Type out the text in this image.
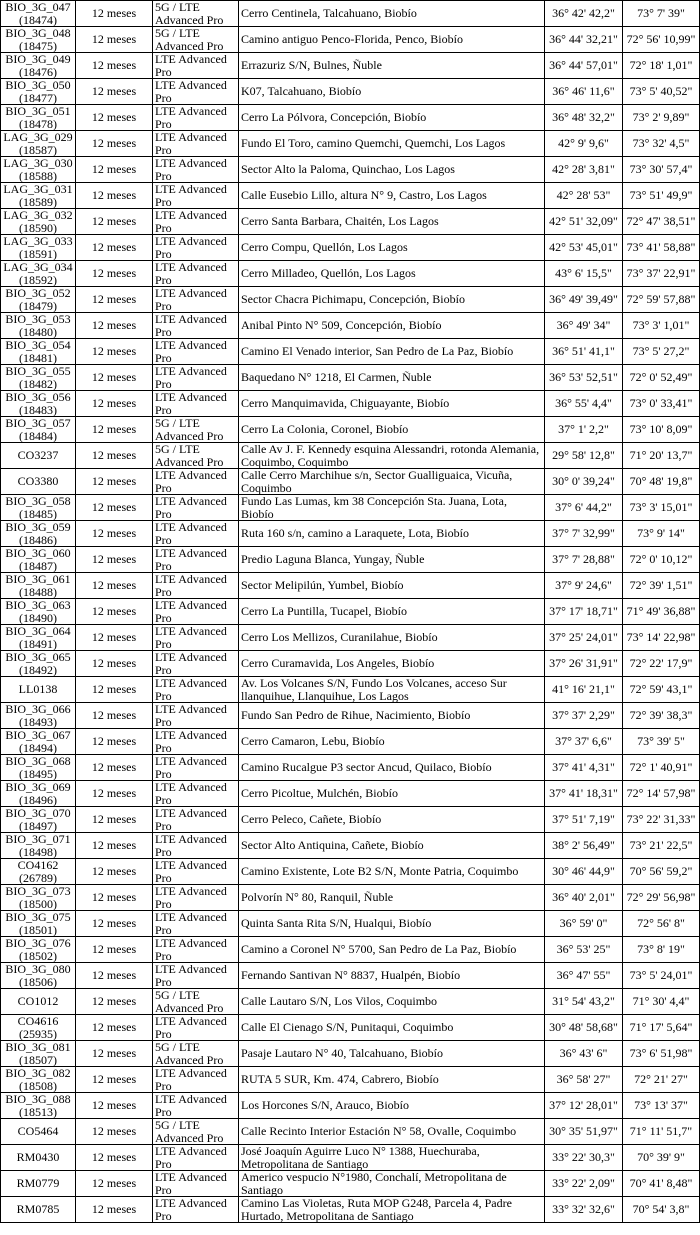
BIO_3G_047 (18474)	12 meses	5G / LTE Advanced Pro	Cerro Centinela, Talcahuano, Biobío	36° 42' 42,2"	73° 7' 39"
BIO_3G_048 (18475)	12 meses	5G / LTE Advanced Pro	Camino antiguo Penco-Florida, Penco, Biobío	36° 44' 32,21"	72° 56' 10,99"
BIO_3G_049 (18476)	12 meses	LTE Advanced Pro	Errazuriz S/N, Bulnes, Ñuble	36° 44' 57,01"	72° 18' 1,01"
BIO_3G_050 (18477)	12 meses	LTE Advanced Pro	K07, Talcahuano, Biobío	36° 46' 11,6"	73° 5' 40,52"
BIO_3G_051 (18478)	12 meses	LTE Advanced Pro	Cerro La Pólvora, Concepción, Biobío	36° 48' 32,2"	73° 2' 9,89"
LAG_3G_029 (18587)	12 meses	LTE Advanced Pro	Fundo El Toro, camino Quemchi, Quemchi, Los Lagos	42° 9' 9,6"	73° 32' 4,5"
LAG_3G_030 (18588)	12 meses	LTE Advanced Pro	Sector Alto la Paloma, Quinchao, Los Lagos	42° 28' 3,81"	73° 30' 57,4"
LAG_3G_031 (18589)	12 meses	LTE Advanced Pro	Calle Eusebio Lillo, altura N° 9, Castro, Los Lagos	42° 28' 53"	73° 51' 49,9"
LAG_3G_032 (18590)	12 meses	LTE Advanced Pro	Cerro Santa Barbara, Chaitén, Los Lagos	42° 51' 32,09"	72° 47' 38,51"
LAG_3G_033 (18591)	12 meses	LTE Advanced Pro	Cerro Compu, Quellón, Los Lagos	42° 53' 45,01"	73° 41' 58,88"
LAG_3G_034 (18592)	12 meses	LTE Advanced Pro	Cerro Milladeo, Quellón, Los Lagos	43° 6' 15,5"	73° 37' 22,91"
BIO_3G_052 (18479)	12 meses	LTE Advanced Pro	Sector Chacra Pichimapu, Concepción, Biobío	36° 49' 39,49"	72° 59' 57,88"
BIO_3G_053 (18480)	12 meses	LTE Advanced Pro	Anibal Pinto N° 509, Concepción, Biobío	36° 49' 34"	73° 3' 1,01"
BIO_3G_054 (18481)	12 meses	LTE Advanced Pro	Camino El Venado interior, San Pedro de La Paz, Biobío	36° 51' 41,1"	73° 5' 27,2"
BIO_3G_055 (18482)	12 meses	LTE Advanced Pro	Baquedano N° 1218, El Carmen, Ñuble	36° 53' 52,51"	72° 0' 52,49"
BIO_3G_056 (18483)	12 meses	LTE Advanced Pro	Cerro Manquimavida, Chiguayante, Biobío	36° 55' 4,4"	73° 0' 33,41"
BIO_3G_057 (18484)	12 meses	5G / LTE Advanced Pro	Cerro La Colonia, Coronel, Biobío	37° 1' 2,2"	73° 10' 8,09"
CO3237	12 meses	5G / LTE Advanced Pro	Calle Av J. F. Kennedy esquina Alessandri, rotonda Alemania, Coquimbo, Coquimbo	29° 58' 12,8"	71° 20' 13,7"
CO3380	12 meses	LTE Advanced Pro	Calle Cerro Marchihue s/n, Sector Gualliguaica, Vicuña, Coquimbo	30° 0' 39,24"	70° 48' 19,8"
BIO_3G_058 (18485)	12 meses	LTE Advanced Pro	Fundo Las Lumas, km 38 Concepción Sta. Juana, Lota, Biobío	37° 6' 44,2"	73° 3' 15,01"
BIO_3G_059 (18486)	12 meses	LTE Advanced Pro	Ruta 160 s/n, camino a Laraquete, Lota, Biobío	37° 7' 32,99"	73° 9' 14"
BIO_3G_060 (18487)	12 meses	LTE Advanced Pro	Predio Laguna Blanca, Yungay, Ñuble	37° 7' 28,88"	72° 0' 10,12"
BIO_3G_061 (18488)	12 meses	LTE Advanced Pro	Sector Melipilún, Yumbel, Biobío	37° 9' 24,6"	72° 39' 1,51"
BIO_3G_063 (18490)	12 meses	LTE Advanced Pro	Cerro La Puntilla, Tucapel, Biobío	37° 17' 18,71"	71° 49' 36,88"
BIO_3G_064 (18491)	12 meses	LTE Advanced Pro	Cerro Los Mellizos, Curanilahue, Biobío	37° 25' 24,01"	73° 14' 22,98"
BIO_3G_065 (18492)	12 meses	LTE Advanced Pro	Cerro Curamavida, Los Angeles, Biobío	37° 26' 31,91"	72° 22' 17,9"
LL0138	12 meses	LTE Advanced Pro	Av. Los Volcanes S/N, Fundo Los Volcanes, acceso Sur llanquihue, Llanquihue, Los Lagos	41° 16' 21,1"	72° 59' 43,1"
BIO_3G_066 (18493)	12 meses	LTE Advanced Pro	Fundo San Pedro de Rihue, Nacimiento, Biobío	37° 37' 2,29"	72° 39' 38,3"
BIO_3G_067 (18494)	12 meses	LTE Advanced Pro	Cerro Camaron, Lebu, Biobío	37° 37' 6,6"	73° 39' 5"
BIO_3G_068 (18495)	12 meses	LTE Advanced Pro	Camino Rucalgue P3 sector Ancud, Quilaco, Biobío	37° 41' 4,31"	72° 1' 40,91"
BIO_3G_069 (18496)	12 meses	LTE Advanced Pro	Cerro Picoltue, Mulchén, Biobío	37° 41' 18,31"	72° 14' 57,98"
BIO_3G_070 (18497)	12 meses	LTE Advanced Pro	Cerro Peleco, Cañete, Biobío	37° 51' 7,19"	73° 22' 31,33"
BIO_3G_071 (18498)	12 meses	LTE Advanced Pro	Sector Alto Antiquina, Cañete, Biobío	38° 2' 56,49"	73° 21' 22,5"
CO4162 (26789)	12 meses	LTE Advanced Pro	Camino Existente, Lote B2 S/N, Monte Patria, Coquimbo	30° 46' 44,9"	70° 56' 59,2"
BIO_3G_073 (18500)	12 meses	LTE Advanced Pro	Polvorín N° 80, Ranquil, Ñuble	36° 40' 2,01"	72° 29' 56,98"
BIO_3G_075 (18501)	12 meses	LTE Advanced Pro	Quinta Santa Rita S/N, Hualqui, Biobío	36° 59' 0"	72° 56' 8"
BIO_3G_076 (18502)	12 meses	LTE Advanced Pro	Camino a Coronel N° 5700, San Pedro de La Paz, Biobío	36° 53' 25"	73° 8' 19"
BIO_3G_080 (18506)	12 meses	LTE Advanced Pro	Fernando Santivan N° 8837, Hualpén, Biobío	36° 47' 55"	73° 5' 24,01"
CO1012	12 meses	5G / LTE Advanced Pro	Calle Lautaro S/N, Los Vilos, Coquimbo	31° 54' 43,2"	71° 30' 4,4"
CO4616 (25935)	12 meses	LTE Advanced Pro	Calle El Cienago S/N, Punitaqui, Coquimbo	30° 48' 58,68"	71° 17' 5,64"
BIO_3G_081 (18507)	12 meses	5G / LTE Advanced Pro	Pasaje Lautaro N° 40, Talcahuano, Biobío	36° 43' 6"	73° 6' 51,98"
BIO_3G_082 (18508)	12 meses	LTE Advanced Pro	RUTA 5 SUR, Km. 474, Cabrero, Biobío	36° 58' 27"	72° 21' 27"
BIO_3G_088 (18513)	12 meses	LTE Advanced Pro	Los Horcones S/N, Arauco, Biobío	37° 12' 28,01"	73° 13' 37"
CO5464	12 meses	5G / LTE Advanced Pro	Calle Recinto Interior Estación N° 58, Ovalle, Coquimbo	30° 35' 51,97"	71° 11' 51,7"
RM0430	12 meses	LTE Advanced Pro	José Joaquín Aguirre Luco N° 1388, Huechuraba, Metropolitana de Santiago	33° 22' 30,3"	70° 39' 9"
RM0779	12 meses	LTE Advanced Pro	Americo vespucio N°1980, Conchalí, Metropolitana de Santiago	33° 22' 2,09"	70° 41' 8,48"
RM0785	12 meses	LTE Advanced Pro	Camino Las Violetas, Ruta MOP G248, Parcela 4, Padre Hurtado, Metropolitana de Santiago	33° 32' 32,6"	70° 54' 3,8"
